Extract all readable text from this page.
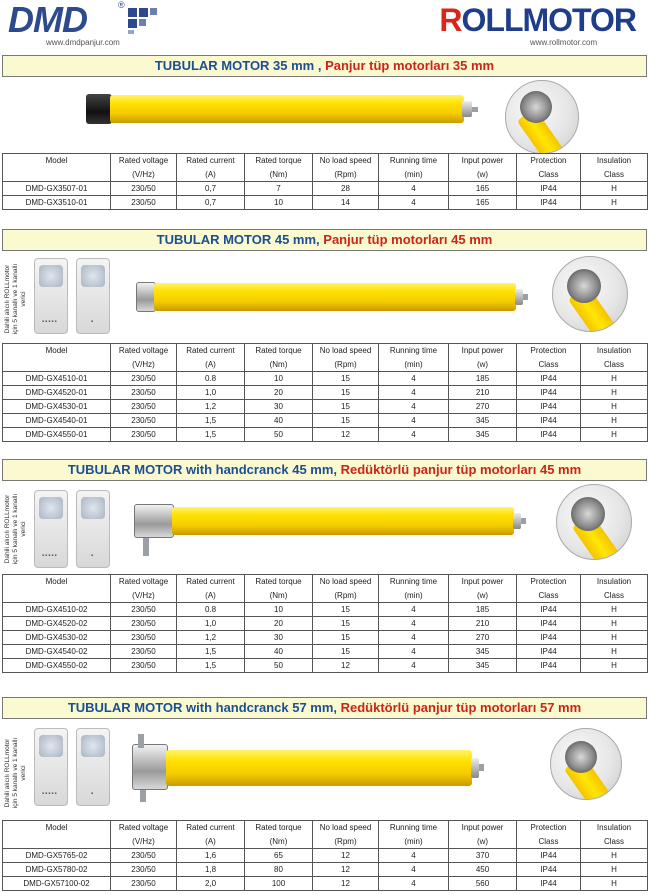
DMD	®
www.dmdpanjur.com
ROLLMOTOR
www.rollmotor.com
TUBULAR MOTOR 35 mm , Panjur tüp motorları 35 mm
Model	Rated voltage	Rated current	Rated torque	No load speed	Running time	Input power	Protection	Insulation
	(V/Hz)	(A)	(Nm)	(Rpm)	(min)	(w)	Class	Class
DMD-GX3507-01	230/50	0,7	7	28	4	165	IP44	H
DMD-GX3510-01	230/50	0,7	10	14	4	165	IP44	H
TUBULAR MOTOR 45 mm, Panjur tüp motorları 45 mm
Dahili alıcılı ROLLmotor için 5 kanallı ve 1 kanallı verici
▪▪▪▪▪	▪
Model	Rated voltage	Rated current	Rated torque	No load speed	Running time	Input power	Protection	Insulation
	(V/Hz)	(A)	(Nm)	(Rpm)	(min)	(w)	Class	Class
DMD-GX4510-01	230/50	0.8	10	15	4	185	IP44	H
DMD-GX4520-01	230/50	1,0	20	15	4	210	IP44	H
DMD-GX4530-01	230/50	1,2	30	15	4	270	IP44	H
DMD-GX4540-01	230/50	1,5	40	15	4	345	IP44	H
DMD-GX4550-01	230/50	1,5	50	12	4	345	IP44	H
TUBULAR MOTOR with handcranck 45 mm, Redüktörlü panjur tüp motorları 45 mm
Dahili alıcılı ROLLmotor için 5 kanallı ve 1 kanallı verici
▪▪▪▪▪	▪
Model	Rated voltage	Rated current	Rated torque	No load speed	Running time	Input power	Protection	Insulation
	(V/Hz)	(A)	(Nm)	(Rpm)	(min)	(w)	Class	Class
DMD-GX4510-02	230/50	0.8	10	15	4	185	IP44	H
DMD-GX4520-02	230/50	1,0	20	15	4	210	IP44	H
DMD-GX4530-02	230/50	1,2	30	15	4	270	IP44	H
DMD-GX4540-02	230/50	1,5	40	15	4	345	IP44	H
DMD-GX4550-02	230/50	1,5	50	12	4	345	IP44	H
TUBULAR MOTOR with handcranck 57 mm, Redüktörlü panjur tüp motorları 57 mm
Dahili alıcılı ROLLmotor için 5 kanallı ve 1 kanallı verici
▪▪▪▪▪	▪
Model	Rated voltage	Rated current	Rated torque	No load speed	Running time	Input power	Protection	Insulation
	(V/Hz)	(A)	(Nm)	(Rpm)	(min)	(w)	Class	Class
DMD-GX5765-02	230/50	1,6	65	12	4	370	IP44	H
DMD-GX5780-02	230/50	1,8	80	12	4	450	IP44	H
DMD-GX57100-02	230/50	2,0	100	12	4	560	IP44	H
